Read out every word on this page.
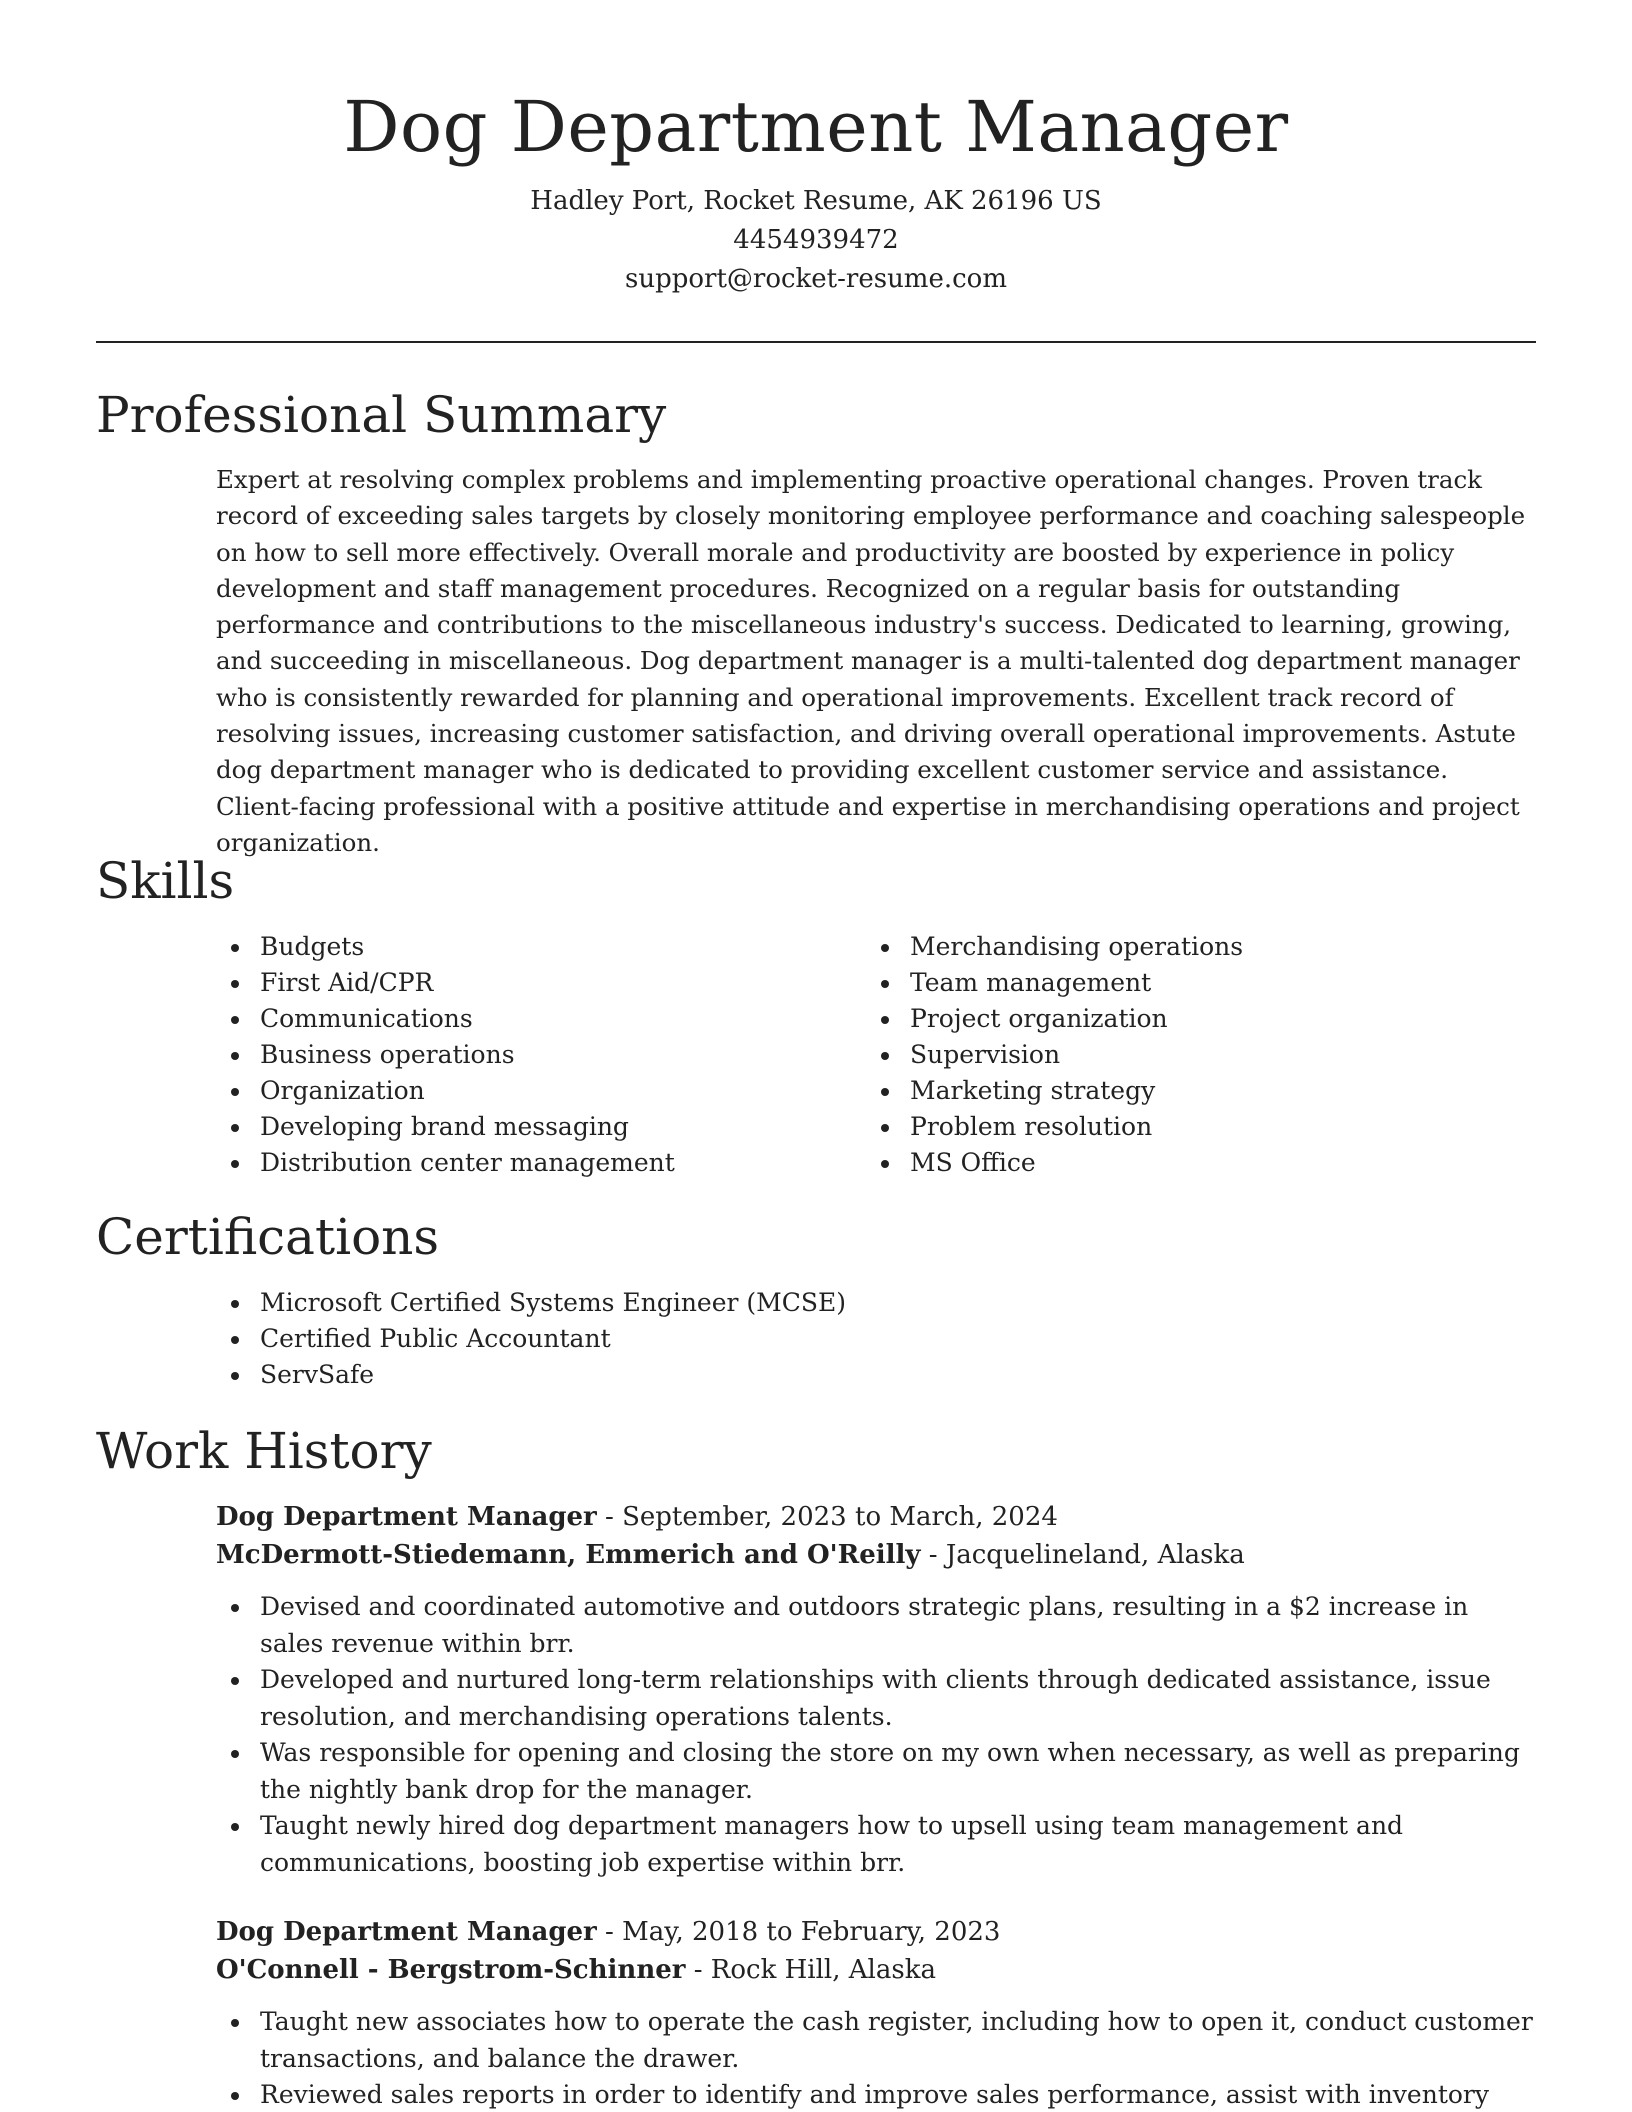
Dog Department Manager
Hadley Port, Rocket Resume, AK 26196 US
4454939472
support@rocket-resume.com
Professional Summary

Expert at resolving complex problems and implementing proactive operational changes. Proven track record of exceeding sales targets by closely monitoring employee performance and coaching salespeople on how to sell more effectively. Overall morale and productivity are boosted by experience in policy development and staff management procedures. Recognized on a regular basis for outstanding performance and contributions to the miscellaneous industry's success. Dedicated to learning, growing, and succeeding in miscellaneous. Dog department manager is a multi-talented dog department manager who is consistently rewarded for planning and operational improvements. Excellent track record of resolving issues, increasing customer satisfaction, and driving overall operational improvements. Astute dog department manager who is dedicated to providing excellent customer service and assistance. Client-facing professional with a positive attitude and expertise in merchandising operations and project organization.

Skills
Budgets
First Aid/CPR
Communications
Business operations
Organization
Developing brand messaging
Distribution center management
Merchandising operations
Team management
Project organization
Supervision
Marketing strategy
Problem resolution
MS Office
Certifications
Microsoft Certified Systems Engineer (MCSE)
Certified Public Accountant
ServSafe
Work History
Dog Department Manager - September, 2023 to March, 2024
McDermott-Stiedemann, Emmerich and O'Reilly - Jacquelineland, Alaska
Devised and coordinated automotive and outdoors strategic plans, resulting in a $2 increase in sales revenue within brr.
Developed and nurtured long-term relationships with clients through dedicated assistance, issue resolution, and merchandising operations talents.
Was responsible for opening and closing the store on my own when necessary, as well as preparing the nightly bank drop for the manager.
Taught newly hired dog department managers how to upsell using team management and communications, boosting job expertise within brr.
Dog Department Manager - May, 2018 to February, 2023
O'Connell - Bergstrom-Schinner - Rock Hill, Alaska
Taught new associates how to operate the cash register, including how to open it, conduct customer transactions, and balance the drawer.
Reviewed sales reports in order to identify and improve sales performance, assist with inventory
